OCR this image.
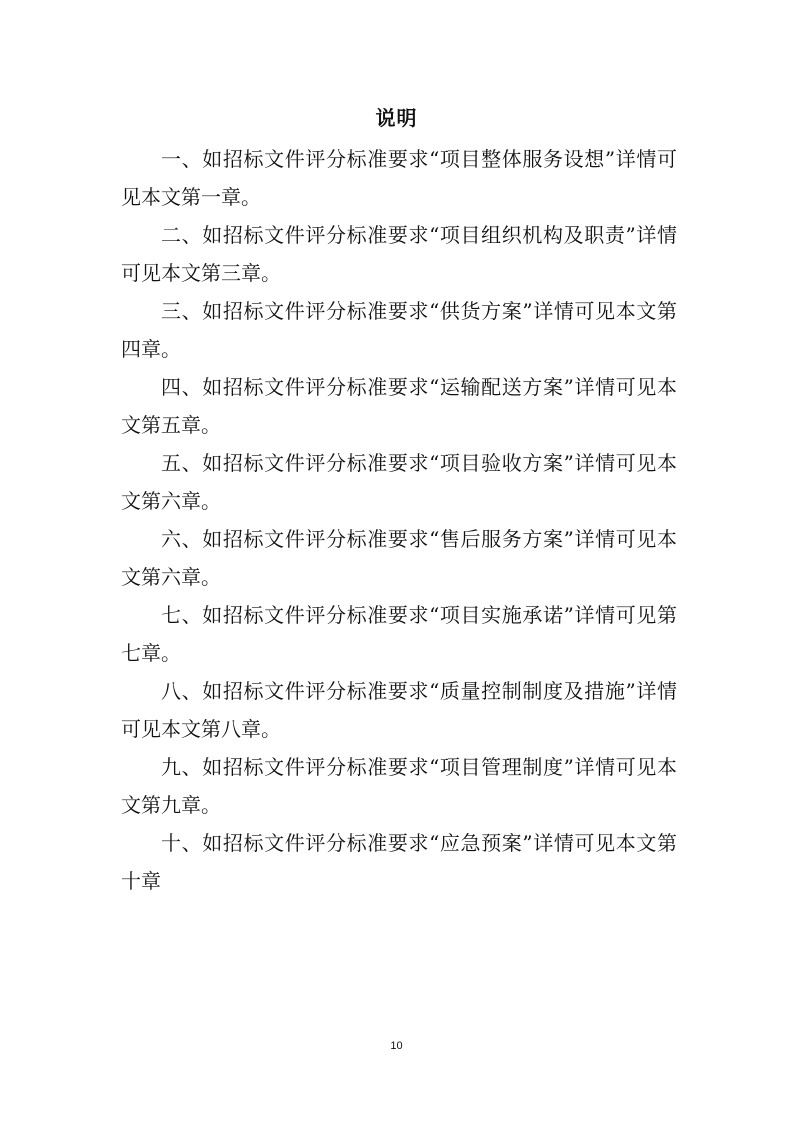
说明

一、如招标文件评分标准要求“项目整体服务设想”详情可见本文第一章。

二、如招标文件评分标准要求“项目组织机构及职责”详情可见本文第三章。

三、如招标文件评分标准要求“供货方案”详情可见本文第四章。

四、如招标文件评分标准要求“运输配送方案”详情可见本文第五章。

五、如招标文件评分标准要求“项目验收方案”详情可见本文第六章。

六、如招标文件评分标准要求“售后服务方案”详情可见本文第六章。

七、如招标文件评分标准要求“项目实施承诺”详情可见第七章。

八、如招标文件评分标准要求“质量控制制度及措施”详情可见本文第八章。

九、如招标文件评分标准要求“项目管理制度”详情可见本文第九章。

十、如招标文件评分标准要求“应急预案”详情可见本文第十章

10
